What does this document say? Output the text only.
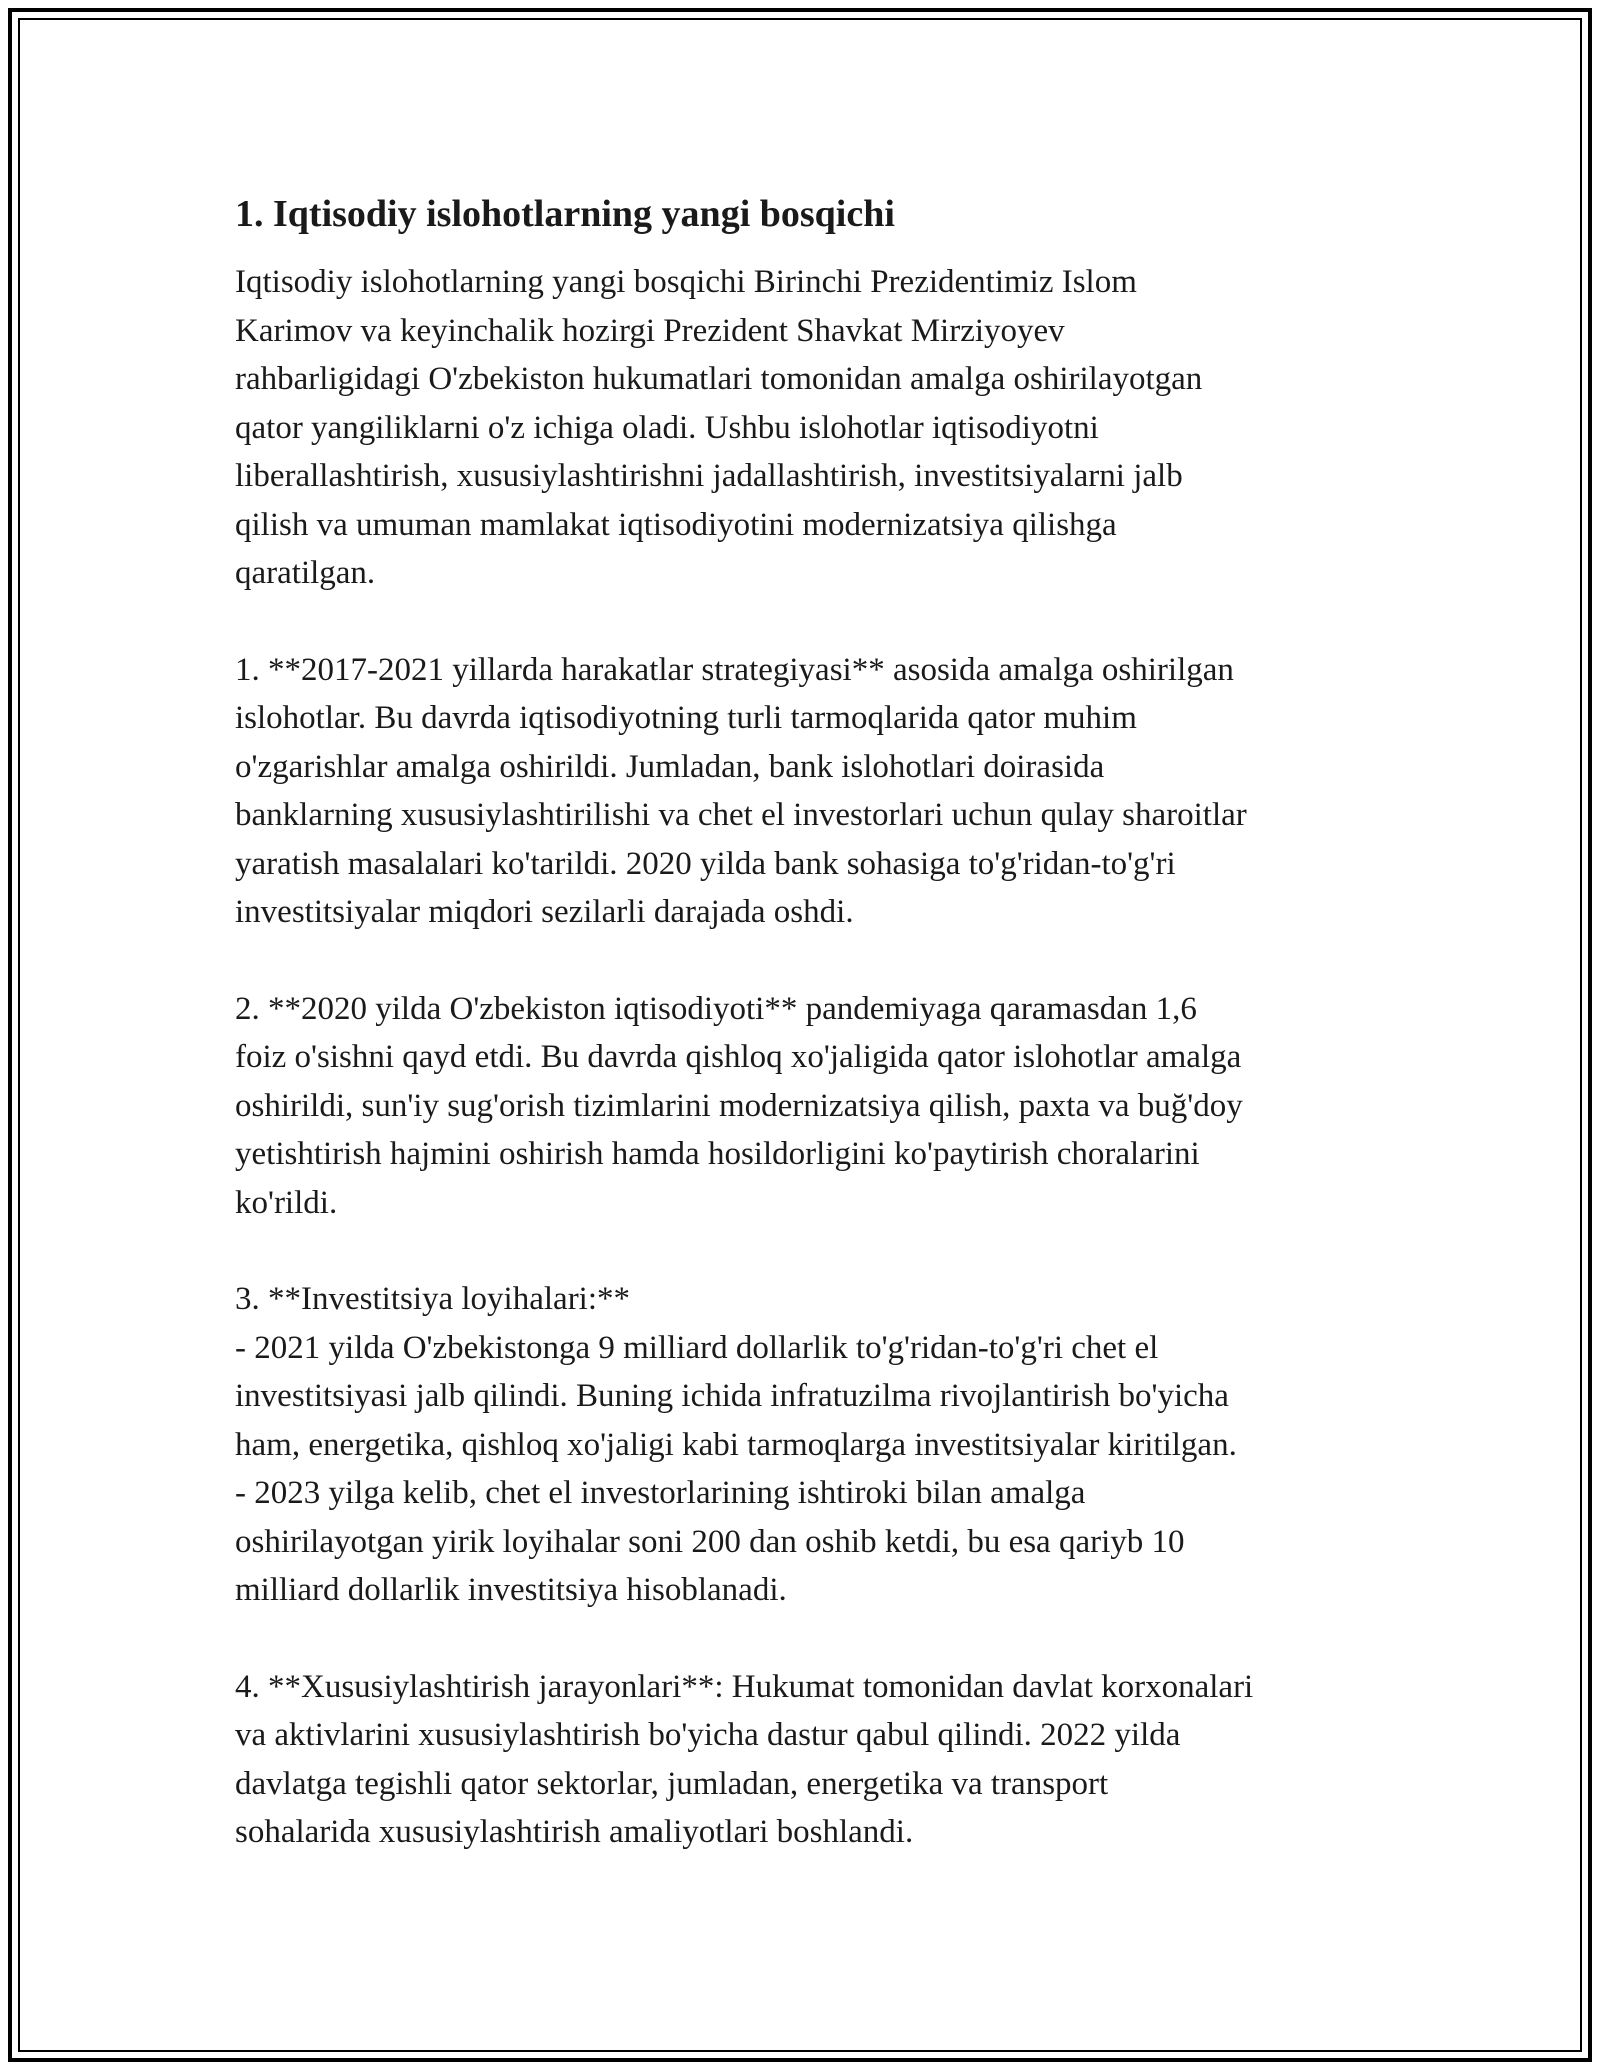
1. Iqtisodiy islohotlarning yangi bosqichi

Iqtisodiy islohotlarning yangi bosqichi Birinchi Prezidentimiz Islom
Karimov va keyinchalik hozirgi Prezident Shavkat Mirziyoyev
rahbarligidagi O'zbekiston hukumatlari tomonidan amalga oshirilayotgan
qator yangiliklarni o'z ichiga oladi. Ushbu islohotlar iqtisodiyotni
liberallashtirish, xususiylashtirishni jadallashtirish, investitsiyalarni jalb
qilish va umuman mamlakat iqtisodiyotini modernizatsiya qilishga
qaratilgan.

1. **2017-2021 yillarda harakatlar strategiyasi** asosida amalga oshirilgan
islohotlar. Bu davrda iqtisodiyotning turli tarmoqlarida qator muhim
o'zgarishlar amalga oshirildi. Jumladan, bank islohotlari doirasida
banklarning xususiylashtirilishi va chet el investorlari uchun qulay sharoitlar
yaratish masalalari ko'tarildi. 2020 yilda bank sohasiga to'g'ridan-to'g'ri
investitsiyalar miqdori sezilarli darajada oshdi.

2. **2020 yilda O'zbekiston iqtisodiyoti** pandemiyaga qaramasdan 1,6
foiz o'sishni qayd etdi. Bu davrda qishloq xo'jaligida qator islohotlar amalga
oshirildi, sun'iy sug'orish tizimlarini modernizatsiya qilish, paxta va buğ'doy
yetishtirish hajmini oshirish hamda hosildorligini ko'paytirish choralarini
ko'rildi.

3. **Investitsiya loyihalari:**
- 2021 yilda O'zbekistonga 9 milliard dollarlik to'g'ridan-to'g'ri chet el
investitsiyasi jalb qilindi. Buning ichida infratuzilma rivojlantirish bo'yicha
ham, energetika, qishloq xo'jaligi kabi tarmoqlarga investitsiyalar kiritilgan.
- 2023 yilga kelib, chet el investorlarining ishtiroki bilan amalga
oshirilayotgan yirik loyihalar soni 200 dan oshib ketdi, bu esa qariyb 10
milliard dollarlik investitsiya hisoblanadi.

4. **Xususiylashtirish jarayonlari**: Hukumat tomonidan davlat korxonalari
va aktivlarini xususiylashtirish bo'yicha dastur qabul qilindi. 2022 yilda
davlatga tegishli qator sektorlar, jumladan, energetika va transport
sohalarida xususiylashtirish amaliyotlari boshlandi.
